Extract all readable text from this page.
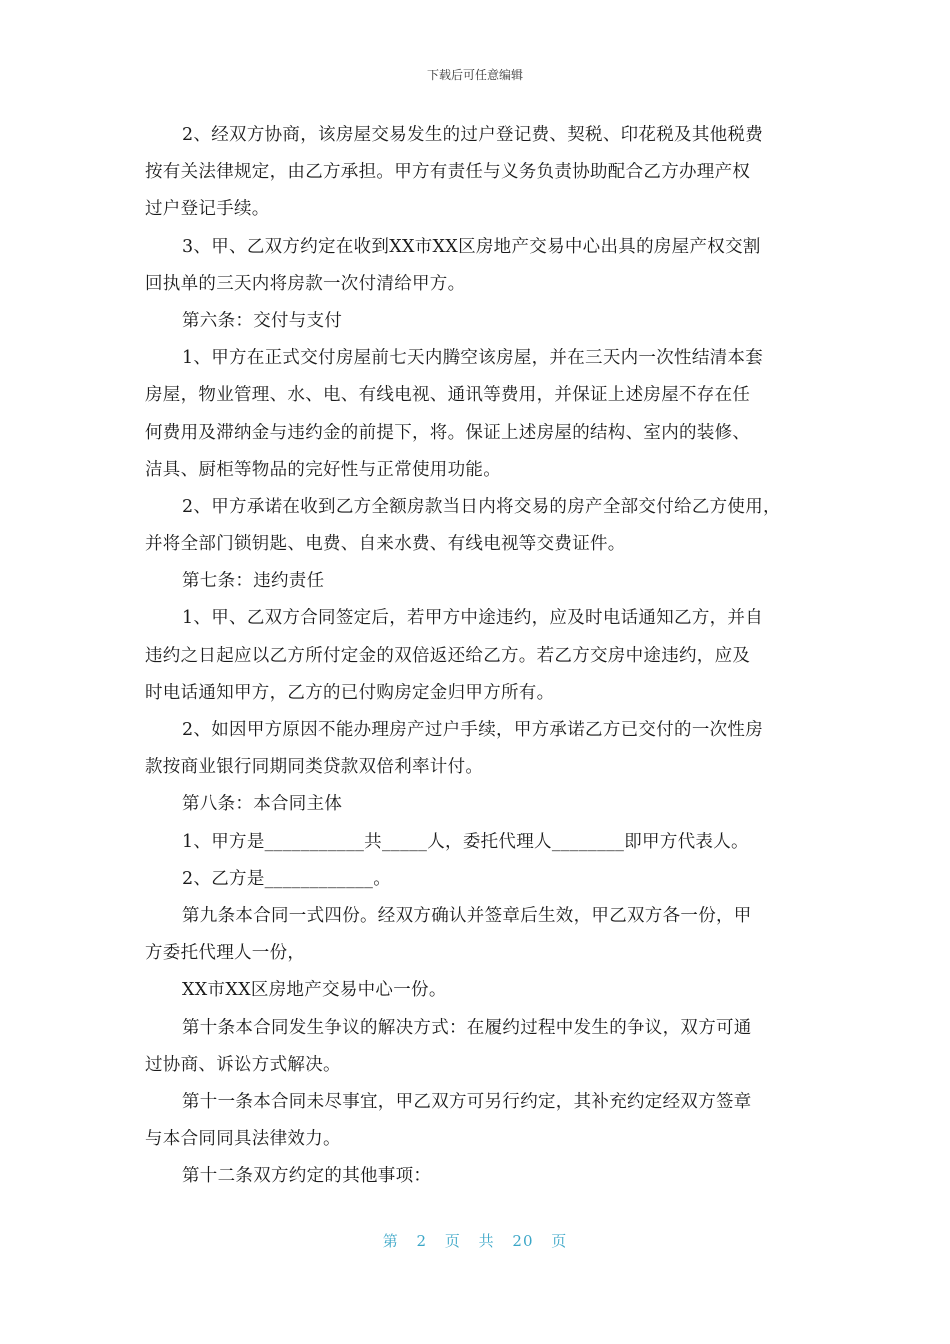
下载后可任意编辑
2、经双方协商，该房屋交易发生的过户登记费、契税、印花税及其他税费
按有关法律规定，由乙方承担。甲方有责任与义务负责协助配合乙方办理产权
过户登记手续。
3、甲、乙双方约定在收到XX市XX区房地产交易中心出具的房屋产权交割
回执单的三天内将房款一次付清给甲方。
第六条：交付与支付
1、甲方在正式交付房屋前七天内腾空该房屋，并在三天内一次性结清本套
房屋，物业管理、水、电、有线电视、通讯等费用，并保证上述房屋不存在任
何费用及滞纳金与违约金的前提下，将。保证上述房屋的结构、室内的装修、
洁具、厨柜等物品的完好性与正常使用功能。
2、甲方承诺在收到乙方全额房款当日内将交易的房产全部交付给乙方使用，
并将全部门锁钥匙、电费、自来水费、有线电视等交费证件。
第七条：违约责任
1、甲、乙双方合同签定后，若甲方中途违约，应及时电话通知乙方，并自
违约之日起应以乙方所付定金的双倍返还给乙方。若乙方交房中途违约，应及
时电话通知甲方，乙方的已付购房定金归甲方所有。
2、如因甲方原因不能办理房产过户手续，甲方承诺乙方已交付的一次性房
款按商业银行同期同类贷款双倍利率计付。
第八条：本合同主体
1、甲方是___________共_____人，委托代理人________即甲方代表人。
2、乙方是____________。
第九条本合同一式四份。经双方确认并签章后生效，甲乙双方各一份，甲
方委托代理人一份，
XX市XX区房地产交易中心一份。
第十条本合同发生争议的解决方式：在履约过程中发生的争议，双方可通
过协商、诉讼方式解决。
第十一条本合同未尽事宜，甲乙双方可另行约定，其补充约定经双方签章
与本合同同具法律效力。
第十二条双方约定的其他事项：
第 2 页 共 20 页
